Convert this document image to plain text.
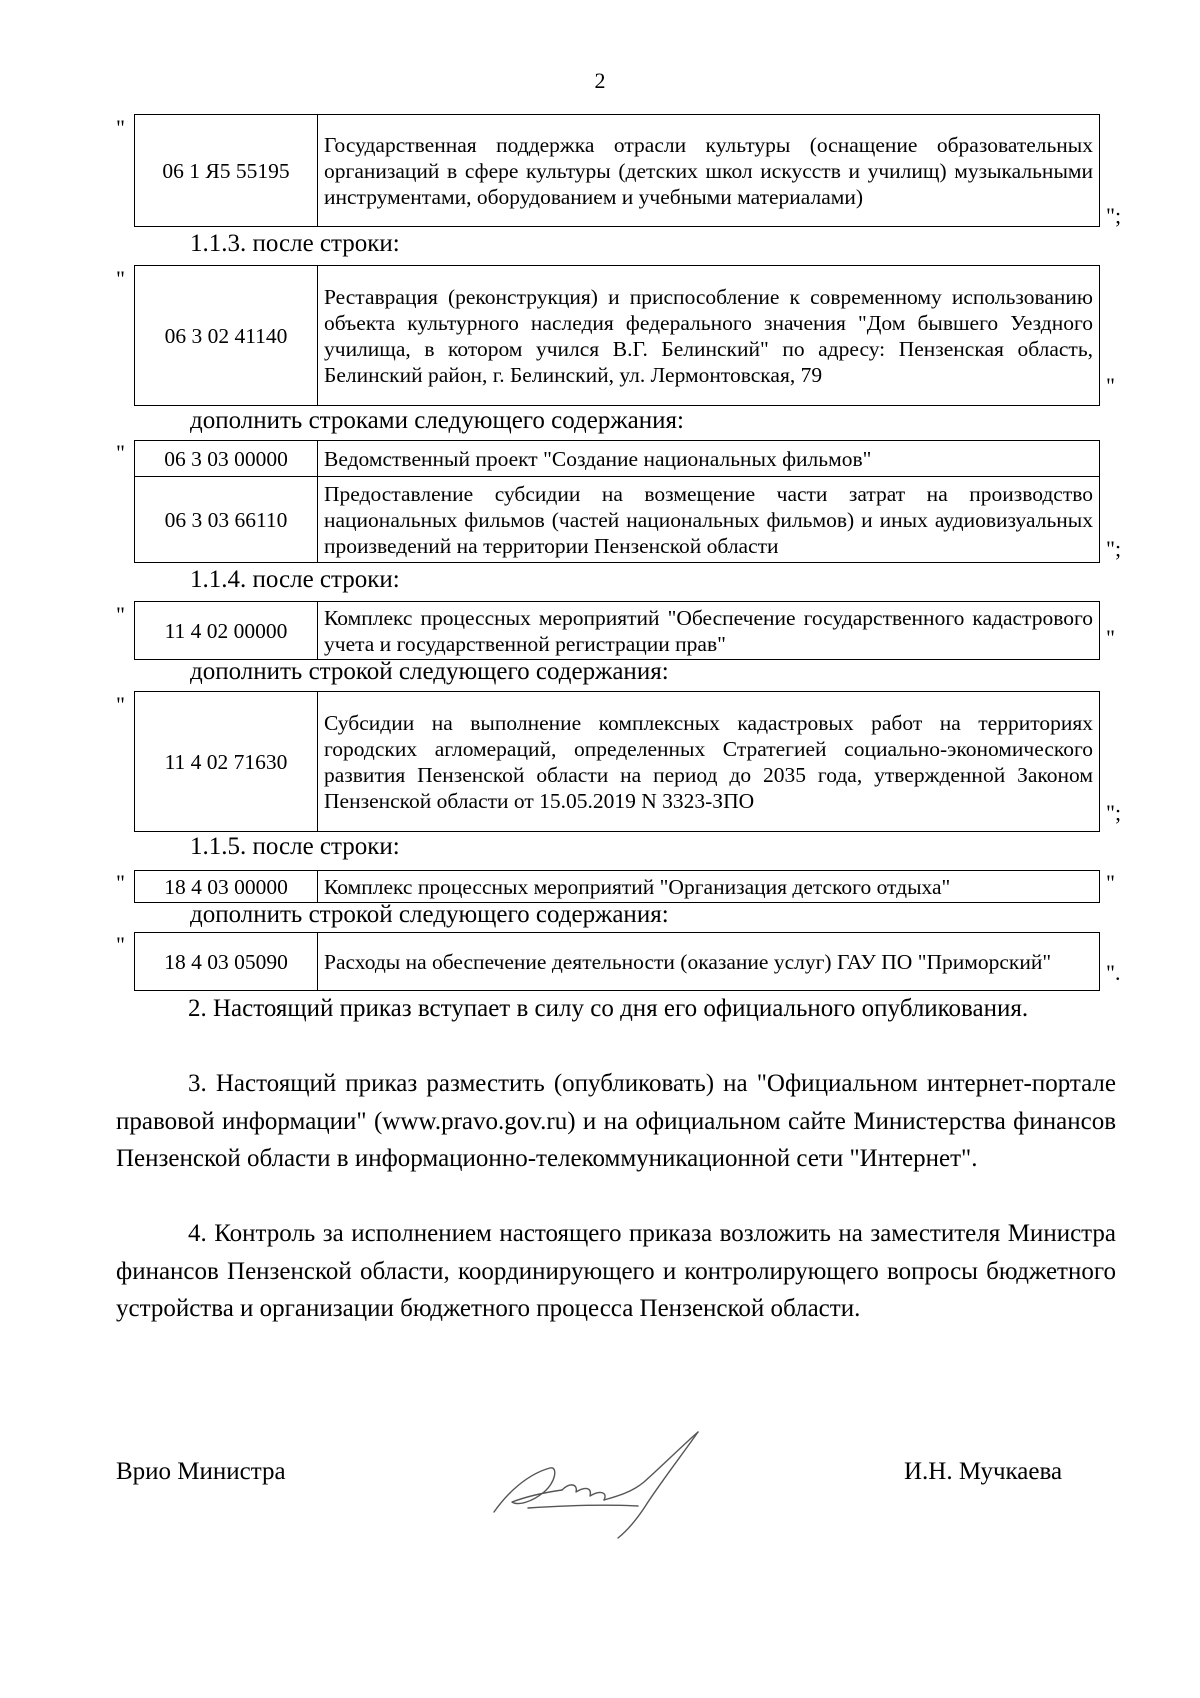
2
"
06 1 Я5 55195	Государственная поддержка отрасли культуры (оснащение образовательных организаций в сфере культуры (детских школ искусств и училищ) музыкальными инструментами, оборудованием и учебными материалами)
";
1.1.3. после строки:
"
06 3 02 41140	Реставрация (реконструкция) и приспособление к современному использованию объекта культурного наследия федерального значения "Дом бывшего Уездного училища, в котором учился В.Г. Белинский" по адресу: Пензенская область, Белинский район, г. Белинский, ул. Лермонтовская, 79	"
дополнить строками следующего содержания:
" 06 3 03 00000	Ведомственный проект "Создание национальных фильмов"
06 3 03 66110	Предоставление субсидии на возмещение части затрат на производство национальных фильмов (частей национальных фильмов) и иных аудиовизуальных произведений на территории Пензенской области	";
1.1.4. после строки:
"
11 4 02 00000	Комплекс процессных мероприятий "Обеспечение государственного кадастрового учета и государственной регистрации прав"	"
дополнить строкой следующего содержания:
"
11 4 02 71630	Субсидии на выполнение комплексных кадастровых работ на территориях городских агломераций, определенных Стратегией социально-экономического развития Пензенской области на период до 2035 года, утвержденной Законом Пензенской области от 15.05.2019 N 3323-ЗПО	";
1.1.5. после строки:
" 18 4 03 00000	Комплекс процессных мероприятий "Организация детского отдыха"	"
дополнить строкой следующего содержания:
"
18 4 03 05090	Расходы на обеспечение деятельности (оказание услуг) ГАУ ПО "Приморский" ".

2. Настоящий приказ вступает в силу со дня его официального опубликования.

3. Настоящий приказ разместить (опубликовать) на "Официальном интернет-портале правовой информации" (www.pravo.gov.ru) и на официальном сайте Министерства финансов Пензенской области в информационно-телекоммуникационной сети "Интернет".

4. Контроль за исполнением настоящего приказа возложить на заместителя Министра финансов Пензенской области, координирующего и контролирующего вопросы бюджетного устройства и организации бюджетного процесса Пензенской области.

Врио Министра	И.Н. Мучкаева
